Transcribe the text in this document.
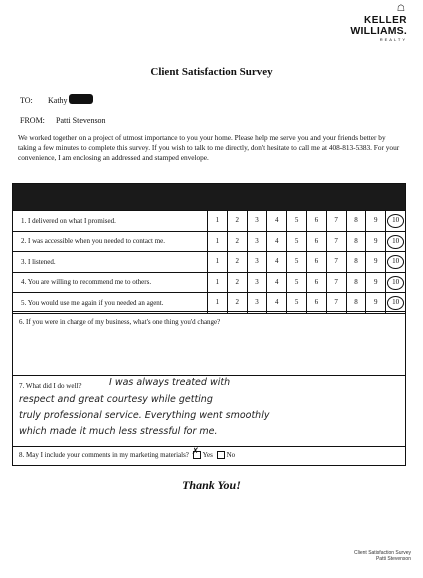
☖
KELLER
WILLIAMS.
REALTY
Client Satisfaction Survey
TO: Kathy
FROM: Patti Stevenson
We worked together on a project of utmost importance to you your home. Please help me serve you and your friends better by taking a few minutes to complete this survey. If you wish to talk to me directly, don't hesitate to call me at 408-813-5383. For your convenience, I am enclosing an addressed and stamped envelope.
1. I delivered on what I promised.	1	2	3	4	5	6	7	8	9	10
2. I was accessible when you needed to contact me.	1	2	3	4	5	6	7	8	9	10
3. I listened.	1	2	3	4	5	6	7	8	9	10
4. You are willing to recommend me to others.	1	2	3	4	5	6	7	8	9	10
5. You would use me again if you needed an agent.	1	2	3	4	5	6	7	8	9	10
6. If you were in charge of my business, what's one thing you'd change?
7. What did I do well?	I was always treated with
respect and great courtesy while getting
truly professional service. Everything went smoothly
which made it much less stressful for me.
8. May I include your comments in my marketing materials? ✗ Yes No
Thank You!
Client Satisfaction Survey
Patti Stevenson
